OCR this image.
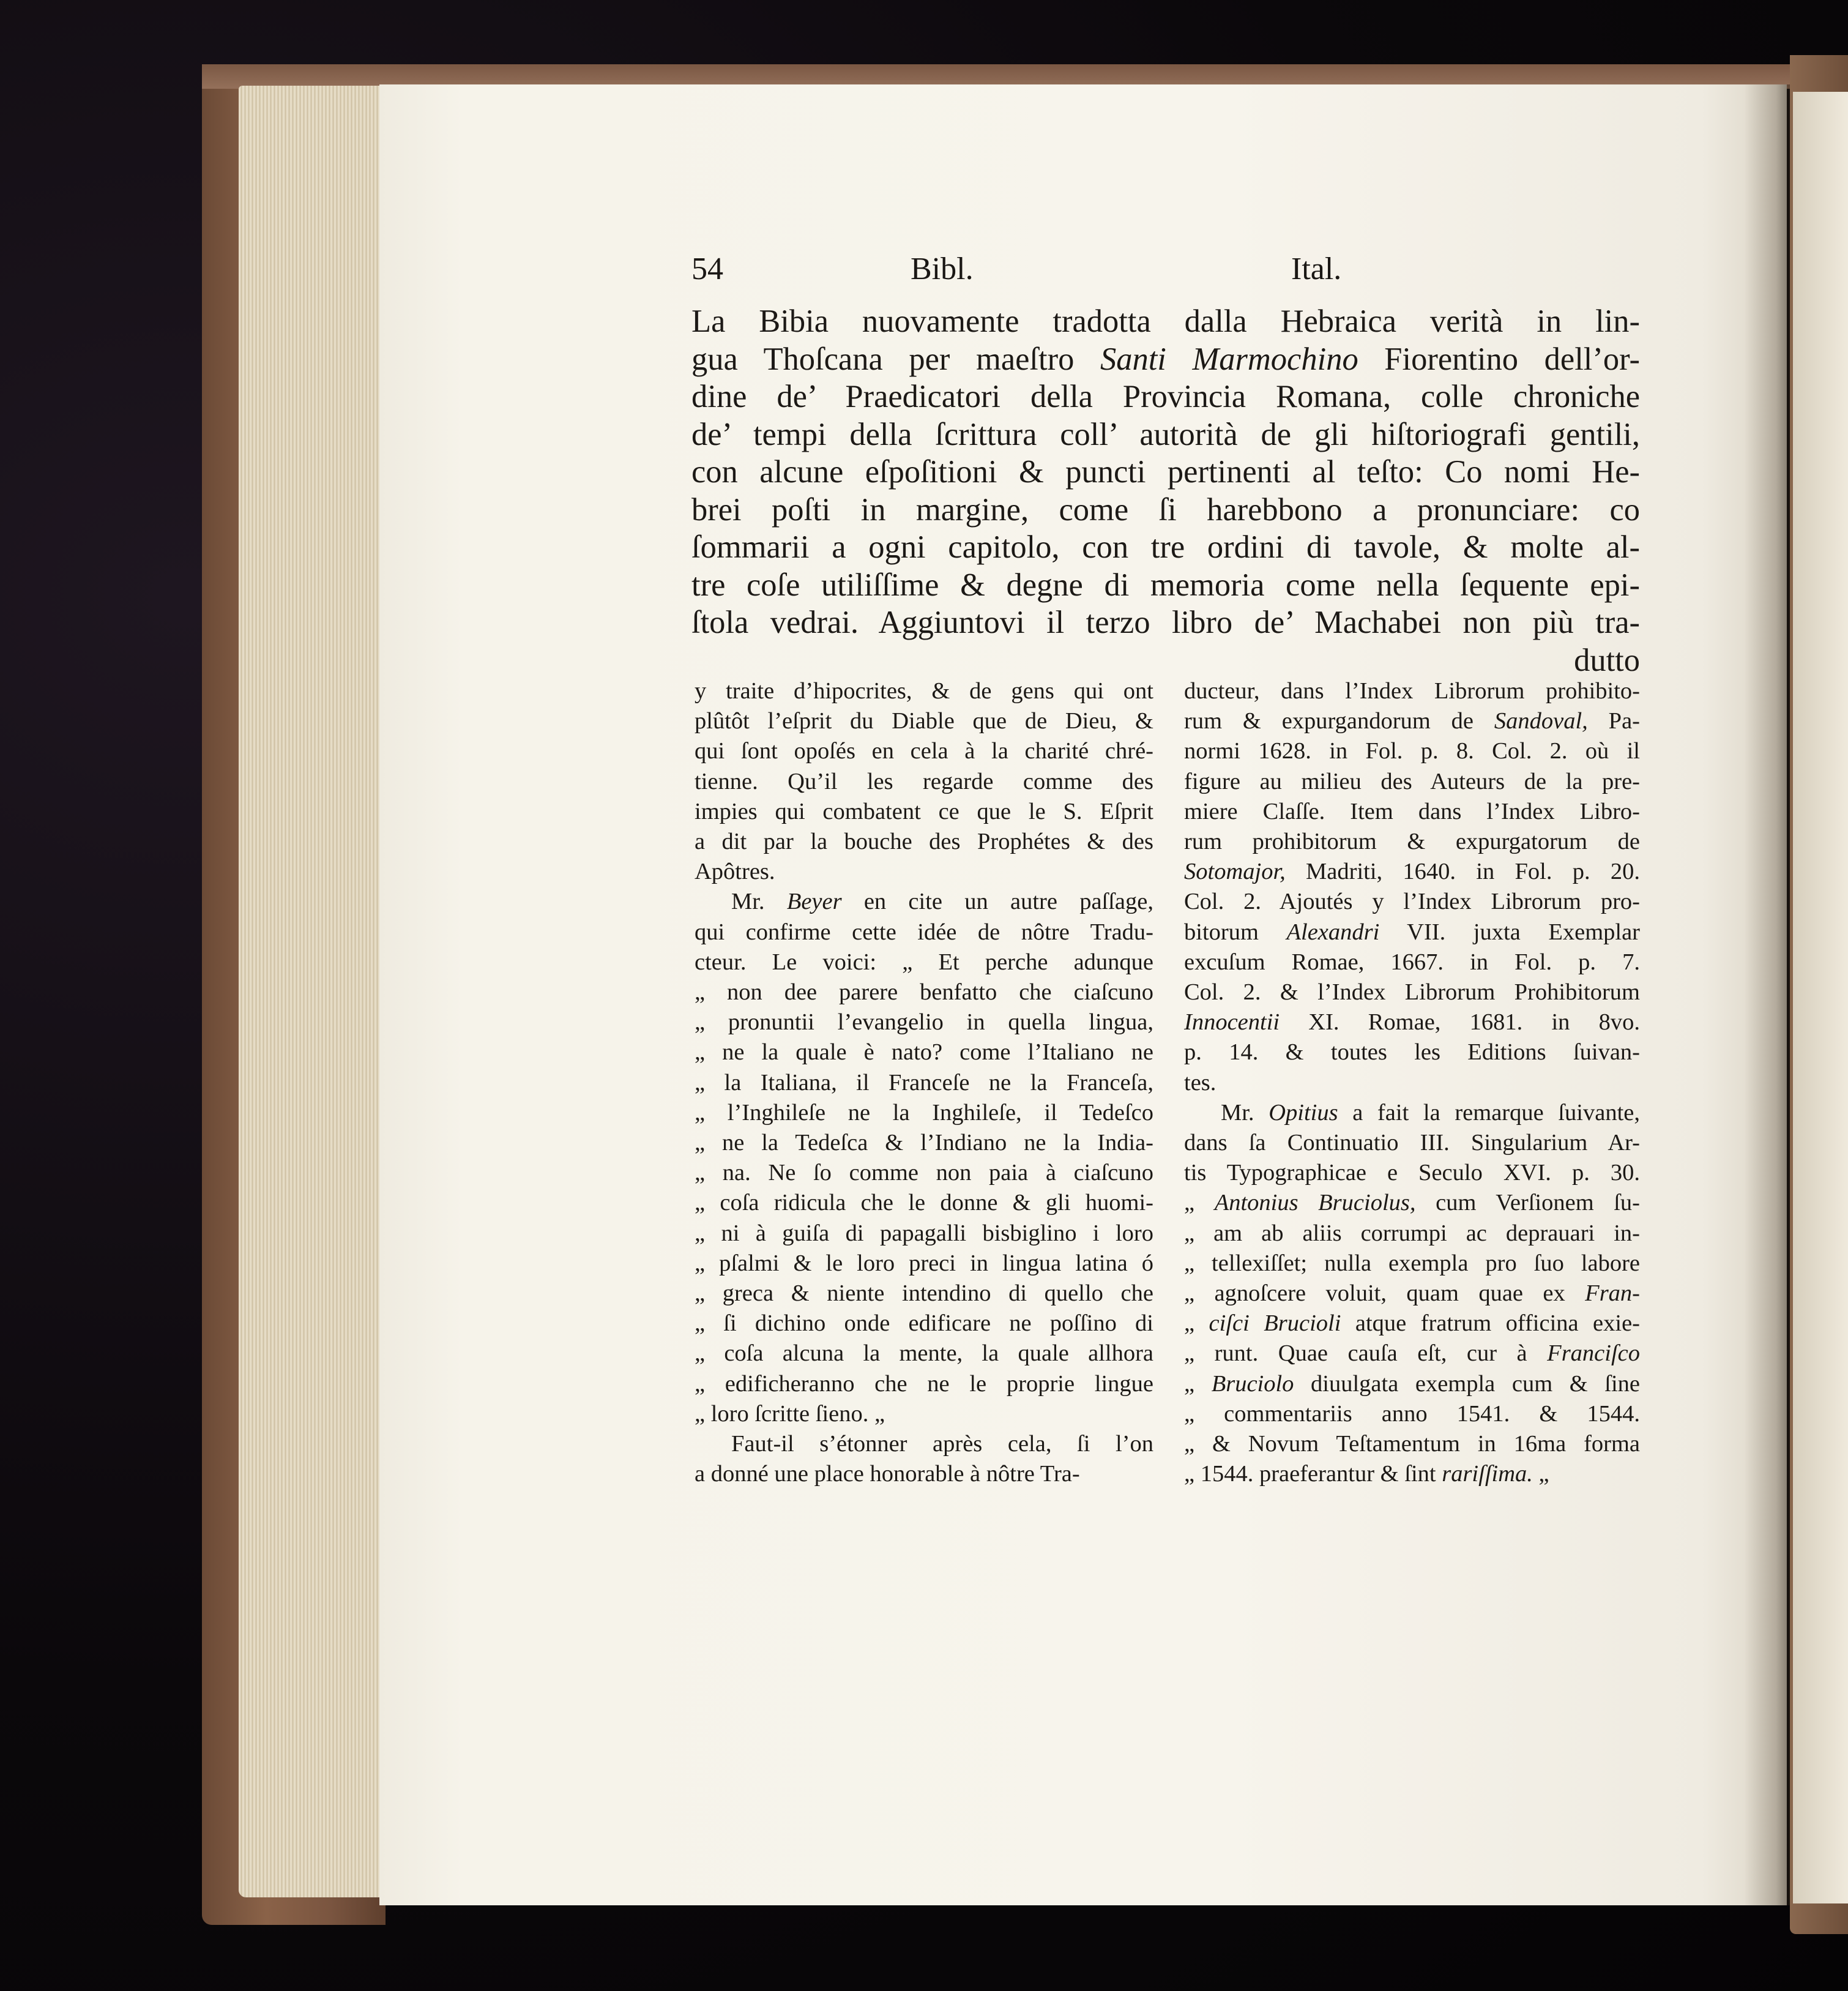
54	Bibl.	Ital.
La Bibia nuovamente tradotta dalla Hebraica verità in lin-
gua Thoſcana per maeſtro Santi Marmochino Fiorentino dell’or-
dine de’ Praedicatori della Provincia Romana, colle chroniche
de’ tempi della ſcrittura coll’ autorità de gli hiſtoriografi gentili,
con alcune eſpoſitioni & puncti pertinenti al teſto: Co nomi He-
brei poſti in margine, come ſi harebbono a pronunciare: co
ſommarii a ogni capitolo, con tre ordini di tavole, & molte al-
tre coſe utiliſſime & degne di memoria come nella ſequente epi-
ſtola vedrai. Aggiuntovi il terzo libro de’ Machabei non più tra-
dutto
y traite d’hipocrites, & de gens qui ont
plûtôt l’eſprit du Diable que de Dieu, &
qui ſont opoſés en cela à la charité chré-
tienne. Qu’il les regarde comme des
impies qui combatent ce que le S. Eſprit
a dit par la bouche des Prophétes & des
Apôtres.
Mr. Beyer en cite un autre paſſage,
qui confirme cette idée de nôtre Tradu-
cteur. Le voici: „ Et perche adunque
„ non dee parere benfatto che ciaſcuno
„ pronuntii l’evangelio in quella lingua,
„ ne la quale è nato? come l’Italiano ne
„ la Italiana, il Franceſe ne la Franceſa,
„ l’Inghileſe ne la Inghileſe, il Tedeſco
„ ne la Tedeſca & l’Indiano ne la India-
„ na. Ne ſo comme non paia à ciaſcuno
„ coſa ridicula che le donne & gli huomi-
„ ni à guiſa di papagalli bisbiglino i loro
„ pſalmi & le loro preci in lingua latina ó
„ greca & niente intendino di quello che
„ ſi dichino onde edificare ne poſſino di
„ coſa alcuna la mente, la quale allhora
„ edificheranno che ne le proprie lingue
„ loro ſcritte ſieno. „
Faut-il s’étonner après cela, ſi l’on
a donné une place honorable à nôtre Tra-
ducteur, dans l’Index Librorum prohibito-
rum & expurgandorum de Sandoval, Pa-
normi 1628. in Fol. p. 8. Col. 2. où il
figure au milieu des Auteurs de la pre-
miere Claſſe. Item dans l’Index Libro-
rum prohibitorum & expurgatorum de
Sotomajor, Madriti, 1640. in Fol. p. 20.
Col. 2. Ajoutés y l’Index Librorum pro-
bitorum Alexandri VII. juxta Exemplar
excuſum Romae, 1667. in Fol. p. 7.
Col. 2. & l’Index Librorum Prohibitorum
Innocentii XI. Romae, 1681. in 8vo.
p. 14. & toutes les Editions ſuivan-
tes.
Mr. Opitius a fait la remarque ſuivante,
dans ſa Continuatio III. Singularium Ar-
tis Typographicae e Seculo XVI. p. 30.
„ Antonius Bruciolus, cum Verſionem ſu-
„ am ab aliis corrumpi ac deprauari in-
„ tellexiſſet; nulla exempla pro ſuo labore
„ agnoſcere voluit, quam quae ex Fran-
„ ciſci Brucioli atque fratrum officina exie-
„ runt. Quae cauſa eſt, cur à Franciſco
„ Bruciolo diuulgata exempla cum & ſine
„ commentariis anno 1541. & 1544.
„ & Novum Teſtamentum in 16ma forma
„ 1544. praeferantur & ſint rariſſima. „
